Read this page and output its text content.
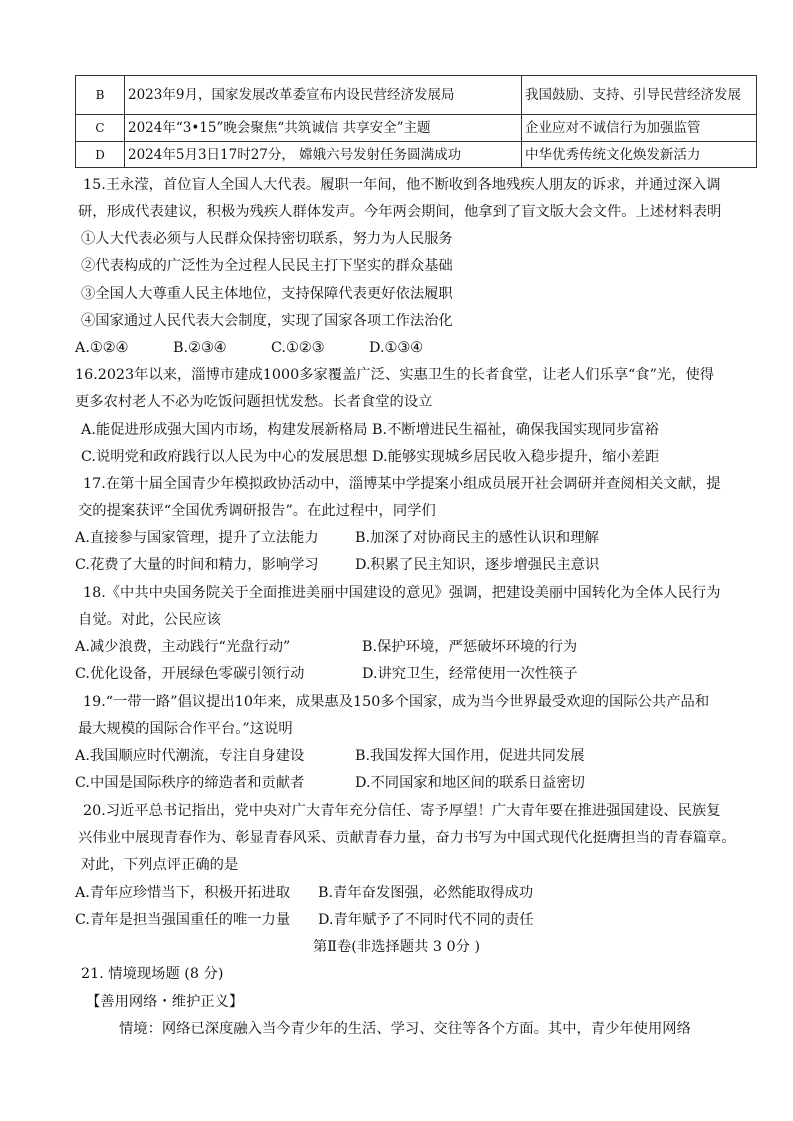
B	2023年9月，国家发展改革委宣布内设民营经济发展局	我国鼓励、支持、引导民营经济发展
C	2024年“3•15”晚会聚焦“共筑诚信 共享安全”主题	企业应对不诚信行为加强监管
D	2024年5月3日17时27分， 嫦娥六号发射任务圆满成功	中华优秀传统文化焕发新活力
15.王永滢，首位盲人全国人大代表。履职一年间，他不断收到各地残疾人朋友的诉求，并通过深入调
研，形成代表建议，积极为残疾人群体发声。今年两会期间，他拿到了盲文版大会文件。上述材料表明
①人大代表必须与人民群众保持密切联系，努力为人民服务
②代表构成的广泛性为全过程人民民主打下坚实的群众基础
③全国人大尊重人民主体地位，支持保障代表更好依法履职
④国家通过人民代表大会制度，实现了国家各项工作法治化
A.①②④	B.②③④	C.①②③	D.①③④
16.2023年以来，淄博市建成1000多家覆盖广泛、实惠卫生的长者食堂，让老人们乐享“食”光，使得
更多农村老人不必为吃饭问题担忧发愁。长者食堂的设立
A.能促进形成强大国内市场，构建发展新格局 B.不断增进民生福祉，确保我国实现同步富裕
C.说明党和政府践行以人民为中心的发展思想 D.能够实现城乡居民收入稳步提升，缩小差距
17.在第十届全国青少年模拟政协活动中，淄博某中学提案小组成员展开社会调研并查阅相关文献，提
交的提案获评“全国优秀调研报告”。在此过程中，同学们
A.直接参与国家管理，提升了立法能力	B.加深了对协商民主的感性认识和理解
C.花费了大量的时间和精力，影响学习	D.积累了民主知识，逐步增强民主意识
18.《中共中央国务院关于全面推进美丽中国建设的意见》强调，把建设美丽中国转化为全体人民行为
自觉。对此，公民应该
A.减少浪费，主动践行“光盘行动”	B.保护环境，严惩破坏环境的行为
C.优化设备，开展绿色零碳引领行动	D.讲究卫生，经常使用一次性筷子
19.“一带一路”倡议提出10年来，成果惠及150多个国家，成为当今世界最受欢迎的国际公共产品和
最大规模的国际合作平台。”这说明
A.我国顺应时代潮流，专注自身建设	B.我国发挥大国作用，促进共同发展
C.中国是国际秩序的缔造者和贡献者	D.不同国家和地区间的联系日益密切
20.习近平总书记指出，党中央对广大青年充分信任、寄予厚望！广大青年要在推进强国建设、民族复
兴伟业中展现青春作为、彰显青春风采、贡献青春力量，奋力书写为中国式现代化挺膺担当的青春篇章。
对此，下列点评正确的是
A.青年应珍惜当下，积极开拓进取 B.青年奋发图强，必然能取得成功
C.青年是担当强国重任的唯一力量 D.青年赋予了不同时代不同的责任
第Ⅱ卷(非选择题共 3 0分 )
21. 情境现场题 (8 分)
【善用网络・维护正义】
情境：网络已深度融入当今青少年的生活、学习、交往等各个方面。其中，青少年使用网络
